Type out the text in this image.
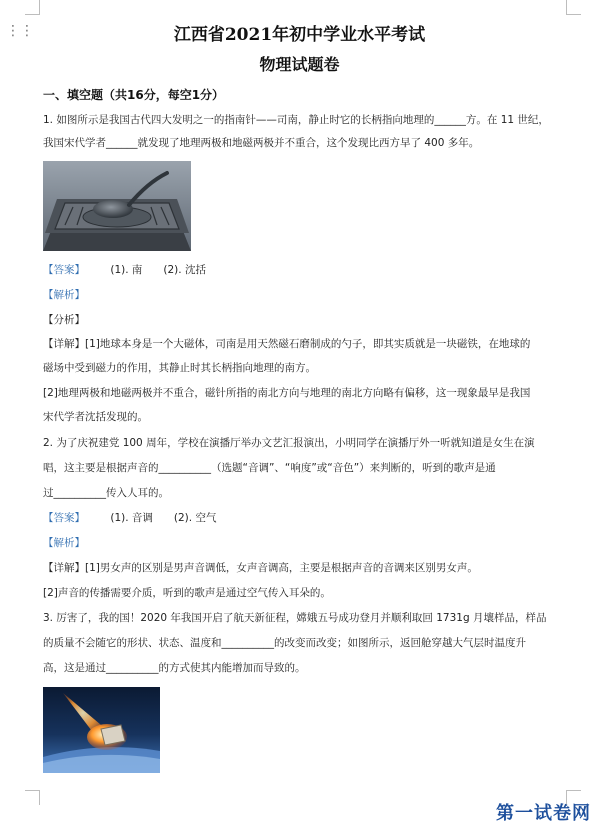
⋮⋮	江西省2021年初中学业水平考试
物理试题卷
一、填空题（共16分，每空1分）
1. 如图所示是我国古代四大发明之一的指南针——司南，静止时它的长柄指向地理的______方。在 11 世纪，
我国宋代学者______就发现了地理两极和地磁两极并不重合，这个发现比西方早了 400 多年。
【答案】 (1). 南　　(2). 沈括
【解析】
【分析】
【详解】[1]地球本身是一个大磁体，司南是用天然磁石磨制成的勺子，即其实质就是一块磁铁，在地球的
磁场中受到磁力的作用，其静止时其长柄指向地理的南方。
[2]地理两极和地磁两极并不重合，磁针所指的南北方向与地理的南北方向略有偏移，这一现象最早是我国
宋代学者沈括发现的。
2. 为了庆祝建党 100 周年，学校在演播厅举办文艺汇报演出，小明同学在演播厅外一听就知道是女生在演
唱，这主要是根据声音的__________（选题“音调”、“响度”或“音色”）来判断的，听到的歌声是通
过__________传入人耳的。
【答案】 (1). 音调　　(2). 空气
【解析】
【详解】[1]男女声的区别是男声音调低，女声音调高，主要是根据声音的音调来区别男女声。
[2]声音的传播需要介质，听到的歌声是通过空气传入耳朵的。
3. 厉害了，我的国！2020 年我国开启了航天新征程，嫦娥五号成功登月并顺利取回 1731g 月壤样品，样品
的质量不会随它的形状、状态、温度和__________的改变而改变；如图所示，返回舱穿越大气层时温度升
高，这是通过__________的方式使其内能增加而导致的。
第一试卷网
